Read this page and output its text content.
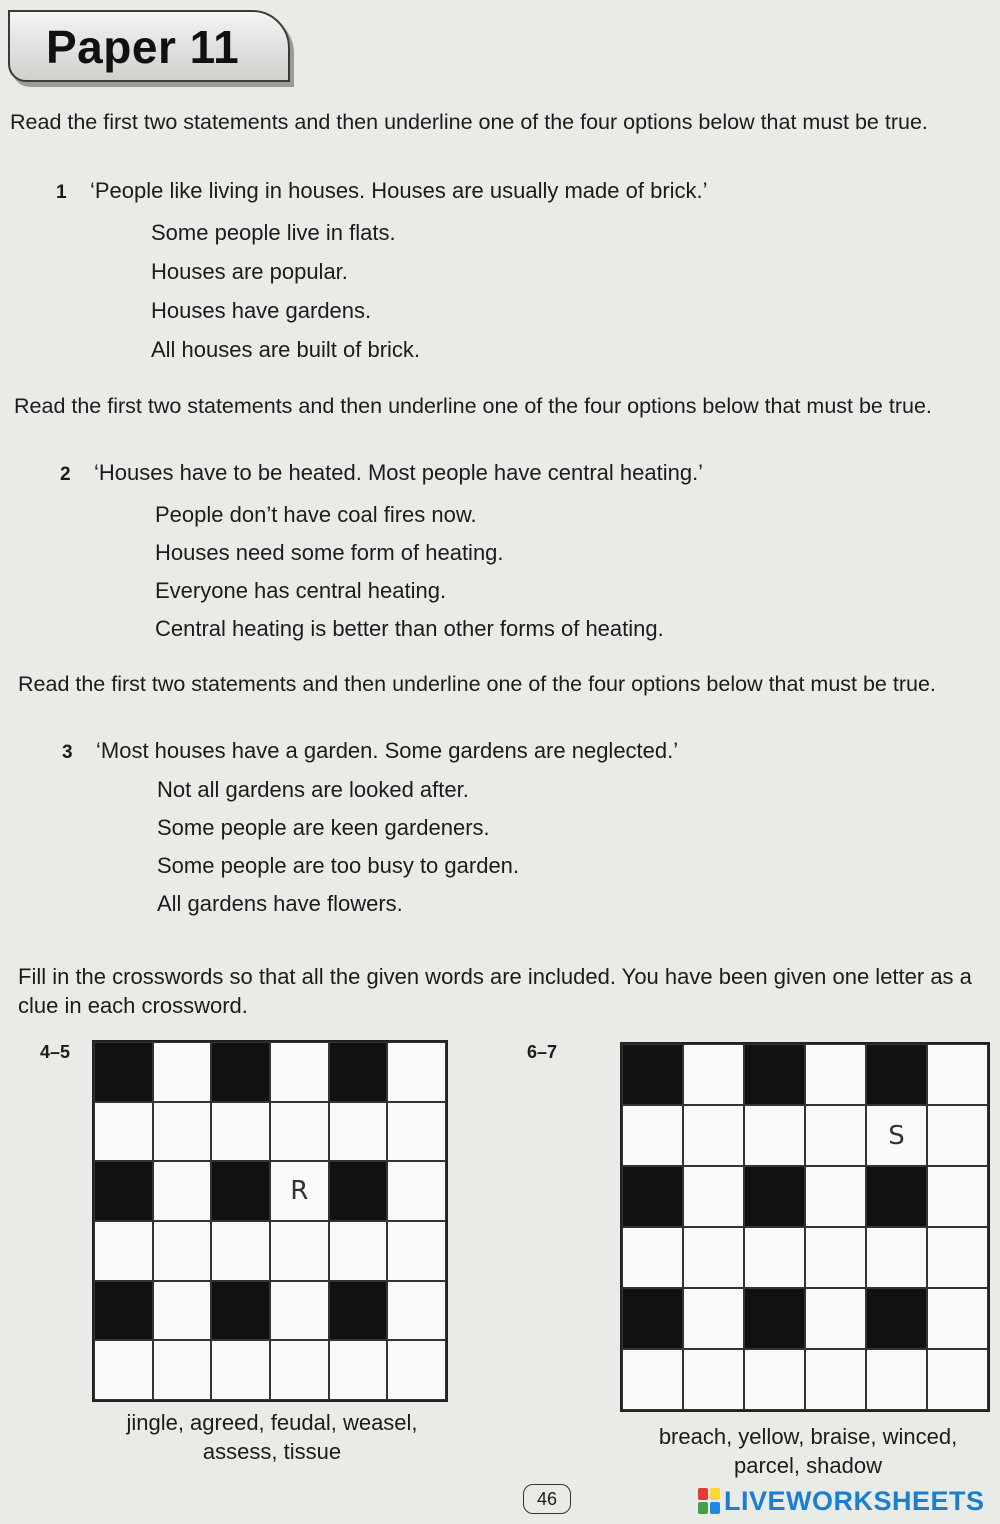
Paper 11

Read the first two statements and then underline one of the four options below that must be true.

1 ‘People like living in houses. Houses are usually made of brick.’
Some people live in flats.
Houses are popular.
Houses have gardens.
All houses are built of brick.

Read the first two statements and then underline one of the four options below that must be true.

2 ‘Houses have to be heated. Most people have central heating.’
People don’t have coal fires now.
Houses need some form of heating.
Everyone has central heating.
Central heating is better than other forms of heating.

Read the first two statements and then underline one of the four options below that must be true.

3 ‘Most houses have a garden. Some gardens are neglected.’
Not all gardens are looked after.
Some people are keen gardeners.
Some people are too busy to garden.
All gardens have flowers.

Fill in the crosswords so that all the given words are included. You have been given one letter as a clue in each crossword.

4–5
R
jingle, agreed, feudal, weasel,
assess, tissue
6–7
S
breach, yellow, braise, winced,
parcel, shadow
46	LIVEWORKSHEETS
